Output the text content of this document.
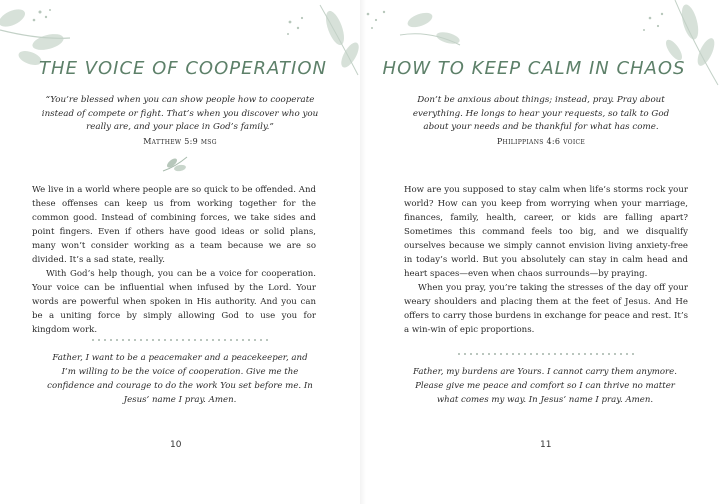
THE VOICE OF COOPERATION
“You’re blessed when you can show people how to cooperate instead of compete or fight. That’s when you discover who you really are, and your place in God’s family.”
Matthew 5:9 msg

We live in a world where people are so quick to be offended. And these offenses can keep us from working together for the common good. Instead of combining forces, we take sides and point fingers. Even if others have good ideas or solid plans, many won’t consider working as a team because we are so divided. It’s a sad state, really.

With God’s help though, you can be a voice for cooperation. Your voice can be influential when infused by the Lord. Your words are powerful when spoken in His authority. And you can be a uniting force by simply allowing God to use you for kingdom work.

Father, I want to be a peacemaker and a peacekeeper, and I’m willing to be the voice of cooperation. Give me the confidence and courage to do the work You set before me. In Jesus’ name I pray. Amen.
10
HOW TO KEEP CALM IN CHAOS
Don’t be anxious about things; instead, pray. Pray about everything. He longs to hear your requests, so talk to God about your needs and be thankful for what has come.
Philippians 4:6 voice

How are you supposed to stay calm when life’s storms rock your world? How can you keep from worrying when your marriage, finances, family, health, career, or kids are falling apart? Sometimes this command feels too big, and we disqualify ourselves because we simply cannot envision living anxiety-free in today’s world. But you absolutely can stay in calm head and heart spaces—even when chaos surrounds—by praying.

When you pray, you’re taking the stresses of the day off your weary shoulders and placing them at the feet of Jesus. And He offers to carry those burdens in exchange for peace and rest. It’s a win-win of epic proportions.

Father, my burdens are Yours. I cannot carry them anymore. Please give me peace and comfort so I can thrive no matter what comes my way. In Jesus’ name I pray. Amen.
11
